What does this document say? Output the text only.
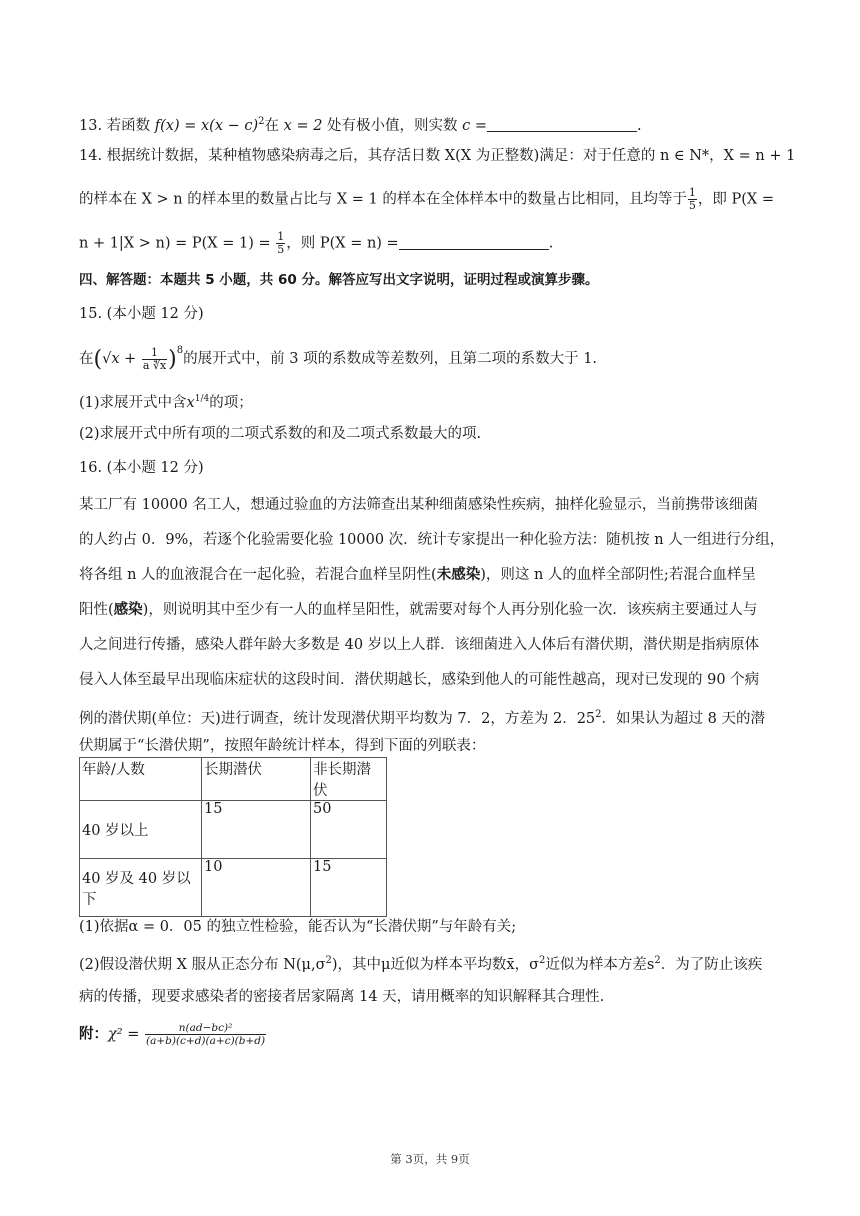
13. 若函数 $f(x) = x(x - c)^2$在 x = 2 处有极小值，则实数 c =	.
14. 根据统计数据，某种植物感染病毒之后，其存活日数 X(X 为正整数)满足：对于任意的 n ∈ N*，X = n + 1
的样本在 X > n 的样本里的数量占比与 X = 1 的样本在全体样本中的数量占比相同，且均等于 $\frac{1}{5}$ ，即 P(X =
$n + 1|X > n) = P(X = 1) = \frac{1}{5}$ ，则 P(X = n) =	.
四、解答题：本题共 5 小题，共 60 分。解答应写出文字说明，证明过程或演算步骤。
15. (本小题 12 分)
在$(√x + \frac{1}{a ∜x} )^8$的展开式中，前 3 项的系数成等差数列，且第二项的系数大于 1.
(1)求展开式中含$x^{1/4}$的项；
(2)求展开式中所有项的二项式系数的和及二项式系数最大的项.
16. (本小题 12 分)
某工厂有 10000 名工人，想通过验血的方法筛查出某种细菌感染性疾病，抽样化验显示，当前携带该细菌
的人约占 0．9%，若逐个化验需要化验 10000 次．统计专家提出一种化验方法：随机按 n 人一组进行分组，
将各组 n 人的血液混合在一起化验，若混合血样呈阴性(未感染)，则这 n 人的血样全部阴性;若混合血样呈
阳性(感染)，则说明其中至少有一人的血样呈阳性，就需要对每个人再分别化验一次．该疾病主要通过人与
人之间进行传播，感染人群年龄大多数是 40 岁以上人群．该细菌进入人体后有潜伏期，潜伏期是指病原体
侵入人体至最早出现临床症状的这段时间．潜伏期越长，感染到他人的可能性越高，现对已发现的 90 个病
例的潜伏期(单位：天)进行调查，统计发现潜伏期平均数为 7．2，方差为 2．$25^2$．如果认为超过 8 天的潜
伏期属于“长潜伏期”，按照年龄统计样本，得到下面的列联表：
年龄/人数	长期潜伏	非长期潜伏
40 岁以上	15	50
40 岁及 40 岁以下	10	15
(1)依据α = 0．05 的独立性检验，能否认为“长潜伏期”与年龄有关;
(2)假设潜伏期 X 服从正态分布 $N(\mu,\sigma^2)$，其中μ近似为样本平均数x̄，$\sigma^2$近似为样本方差$s^2$．为了防止该疾
病的传播，现要求感染者的密接者居家隔离 14 天，请用概率的知识解释其合理性.
附：$\chi^2 = \frac{\text{n(ad−bc)²}}{(a+b)(c+d)(a+c)(b+d)}$
第 3页，共 9页
